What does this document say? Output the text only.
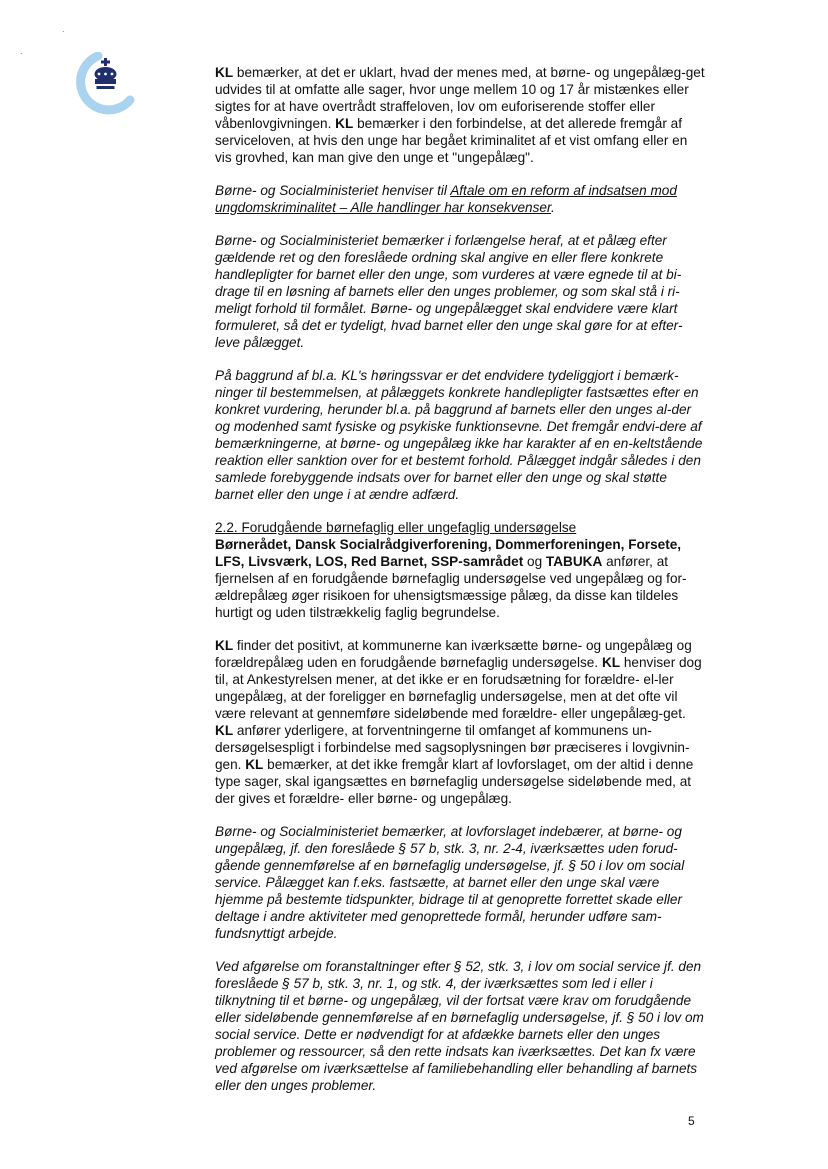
.
.

KL bemærker, at det er uklart, hvad der menes med, at børne- og ungepålæg-get udvides til at omfatte alle sager, hvor unge mellem 10 og 17 år mistænkes eller sigtes for at have overtrådt straffeloven, lov om euforiserende stoffer eller våbenlovgivningen. KL bemærker i den forbindelse, at det allerede fremgår af serviceloven, at hvis den unge har begået kriminalitet af et vist omfang eller en vis grovhed, kan man give den unge et "ungepålæg".

Børne- og Socialministeriet henviser til Aftale om en reform af indsatsen mod ungdomskriminalitet – Alle handlinger har konsekvenser.

Børne- og Socialministeriet bemærker i forlængelse heraf, at et pålæg efter gældende ret og den foreslåede ordning skal angive en eller flere konkrete handlepligter for barnet eller den unge, som vurderes at være egnede til at bi-drage til en løsning af barnets eller den unges problemer, og som skal stå i ri-meligt forhold til formålet. Børne- og ungepålægget skal endvidere være klart formuleret, så det er tydeligt, hvad barnet eller den unge skal gøre for at efter-leve pålægget.

På baggrund af bl.a. KL's høringssvar er det endvidere tydeliggjort i bemærk-ninger til bestemmelsen, at pålæggets konkrete handlepligter fastsættes efter en konkret vurdering, herunder bl.a. på baggrund af barnets eller den unges al-der og modenhed samt fysiske og psykiske funktionsevne. Det fremgår endvi-dere af bemærkningerne, at børne- og ungepålæg ikke har karakter af en en-keltstående reaktion eller sanktion over for et bestemt forhold. Pålægget indgår således i den samlede forebyggende indsats over for barnet eller den unge og skal støtte barnet eller den unge i at ændre adfærd.

2.2. Forudgående børnefaglig eller ungefaglig undersøgelse

Børnerådet, Dansk Socialrådgiverforening, Dommerforeningen, Forsete, LFS, Livsværk, LOS, Red Barnet, SSP-samrådet og TABUKA anfører, at fjernelsen af en forudgående børnefaglig undersøgelse ved ungepålæg og for-ældrepålæg øger risikoen for uhensigtsmæssige pålæg, da disse kan tildeles hurtigt og uden tilstrækkelig faglig begrundelse.

KL finder det positivt, at kommunerne kan iværksætte børne- og ungepålæg og forældrepålæg uden en forudgående børnefaglig undersøgelse. KL henviser dog til, at Ankestyrelsen mener, at det ikke er en forudsætning for forældre- el-ler ungepålæg, at der foreligger en børnefaglig undersøgelse, men at det ofte vil være relevant at gennemføre sideløbende med forældre- eller ungepålæg-get. KL anfører yderligere, at forventningerne til omfanget af kommunens un-dersøgelsespligt i forbindelse med sagsoplysningen bør præciseres i lovgivnin-gen. KL bemærker, at det ikke fremgår klart af lovforslaget, om der altid i denne type sager, skal igangsættes en børnefaglig undersøgelse sideløbende med, at der gives et forældre- eller børne- og ungepålæg.

Børne- og Socialministeriet bemærker, at lovforslaget indebærer, at børne- og ungepålæg, jf. den foreslåede § 57 b, stk. 3, nr. 2-4, iværksættes uden forud-gående gennemførelse af en børnefaglig undersøgelse, jf. § 50 i lov om social service. Pålægget kan f.eks. fastsætte, at barnet eller den unge skal være hjemme på bestemte tidspunkter, bidrage til at genoprette forrettet skade eller deltage i andre aktiviteter med genoprettede formål, herunder udføre sam-fundsnyttigt arbejde.

Ved afgørelse om foranstaltninger efter § 52, stk. 3, i lov om social service jf. den foreslåede § 57 b, stk. 3, nr. 1, og stk. 4, der iværksættes som led i eller i tilknytning til et børne- og ungepålæg, vil der fortsat være krav om forudgående eller sideløbende gennemførelse af en børnefaglig undersøgelse, jf. § 50 i lov om social service. Dette er nødvendigt for at afdække barnets eller den unges problemer og ressourcer, så den rette indsats kan iværksættes. Det kan fx være ved afgørelse om iværksættelse af familiebehandling eller behandling af barnets eller den unges problemer.

5
